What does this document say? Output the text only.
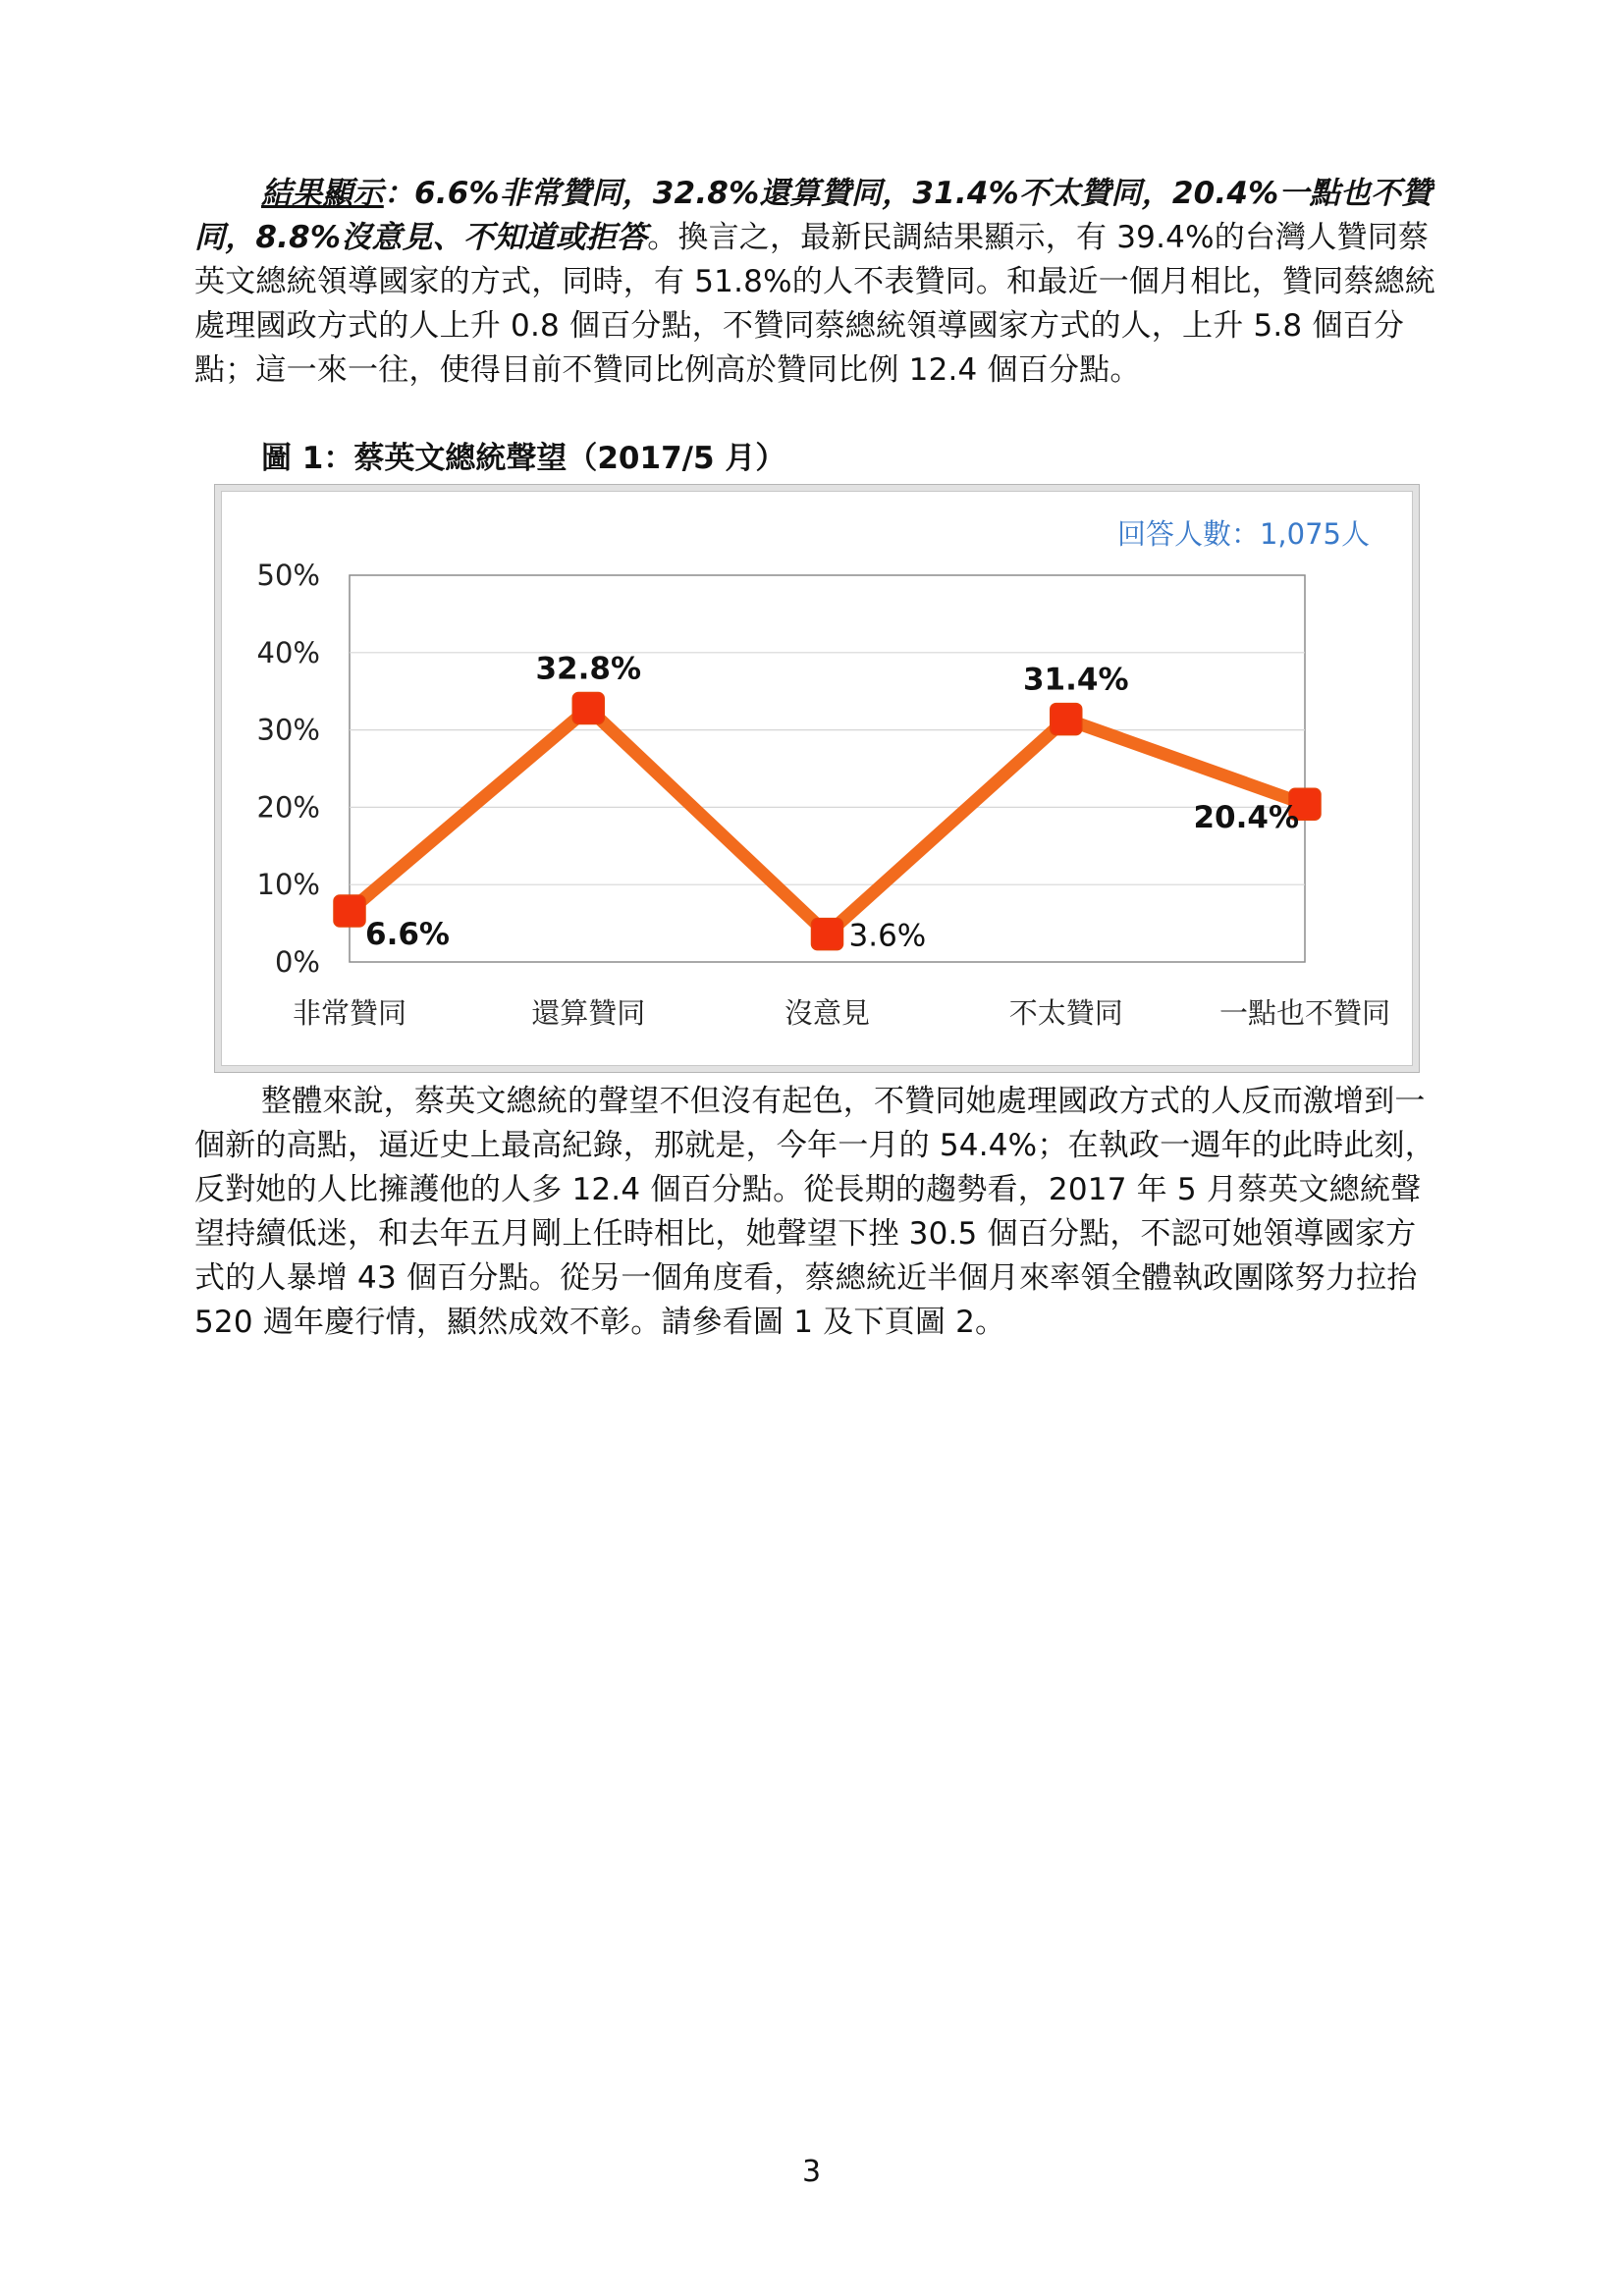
結果顯示：6.6%非常贊同，32.8%還算贊同，31.4%不太贊同，20.4%一點也不贊同，8.8%沒意見、不知道或拒答。換言之，最新民調結果顯示，有 39.4%的台灣人贊同蔡英文總統領導國家的方式，同時，有 51.8%的人不表贊同。和最近一個月相比，贊同蔡總統處理國政方式的人上升 0.8 個百分點，不贊同蔡總統領導國家方式的人，上升 5.8 個百分點；這一來一往，使得目前不贊同比例高於贊同比例 12.4 個百分點。
圖 1：蔡英文總統聲望（2017/5 月）
0%
10%
20%
30%
40%
50%
非常贊同	還算贊同	沒意見	不太贊同	一點也不贊同
6.6%
32.8%
3.6%
31.4%
20.4%
回答人數：1,075人
整體來說，蔡英文總統的聲望不但沒有起色，不贊同她處理國政方式的人反而激增到一個新的高點，逼近史上最高紀錄，那就是，今年一月的 54.4%；在執政一週年的此時此刻，反對她的人比擁護他的人多 12.4 個百分點。從長期的趨勢看，2017 年 5 月蔡英文總統聲望持續低迷，和去年五月剛上任時相比，她聲望下挫 30.5 個百分點，不認可她領導國家方式的人暴增 43 個百分點。從另一個角度看，蔡總統近半個月來率領全體執政團隊努力拉抬 520 週年慶行情，顯然成效不彰。請參看圖 1 及下頁圖 2。
3
